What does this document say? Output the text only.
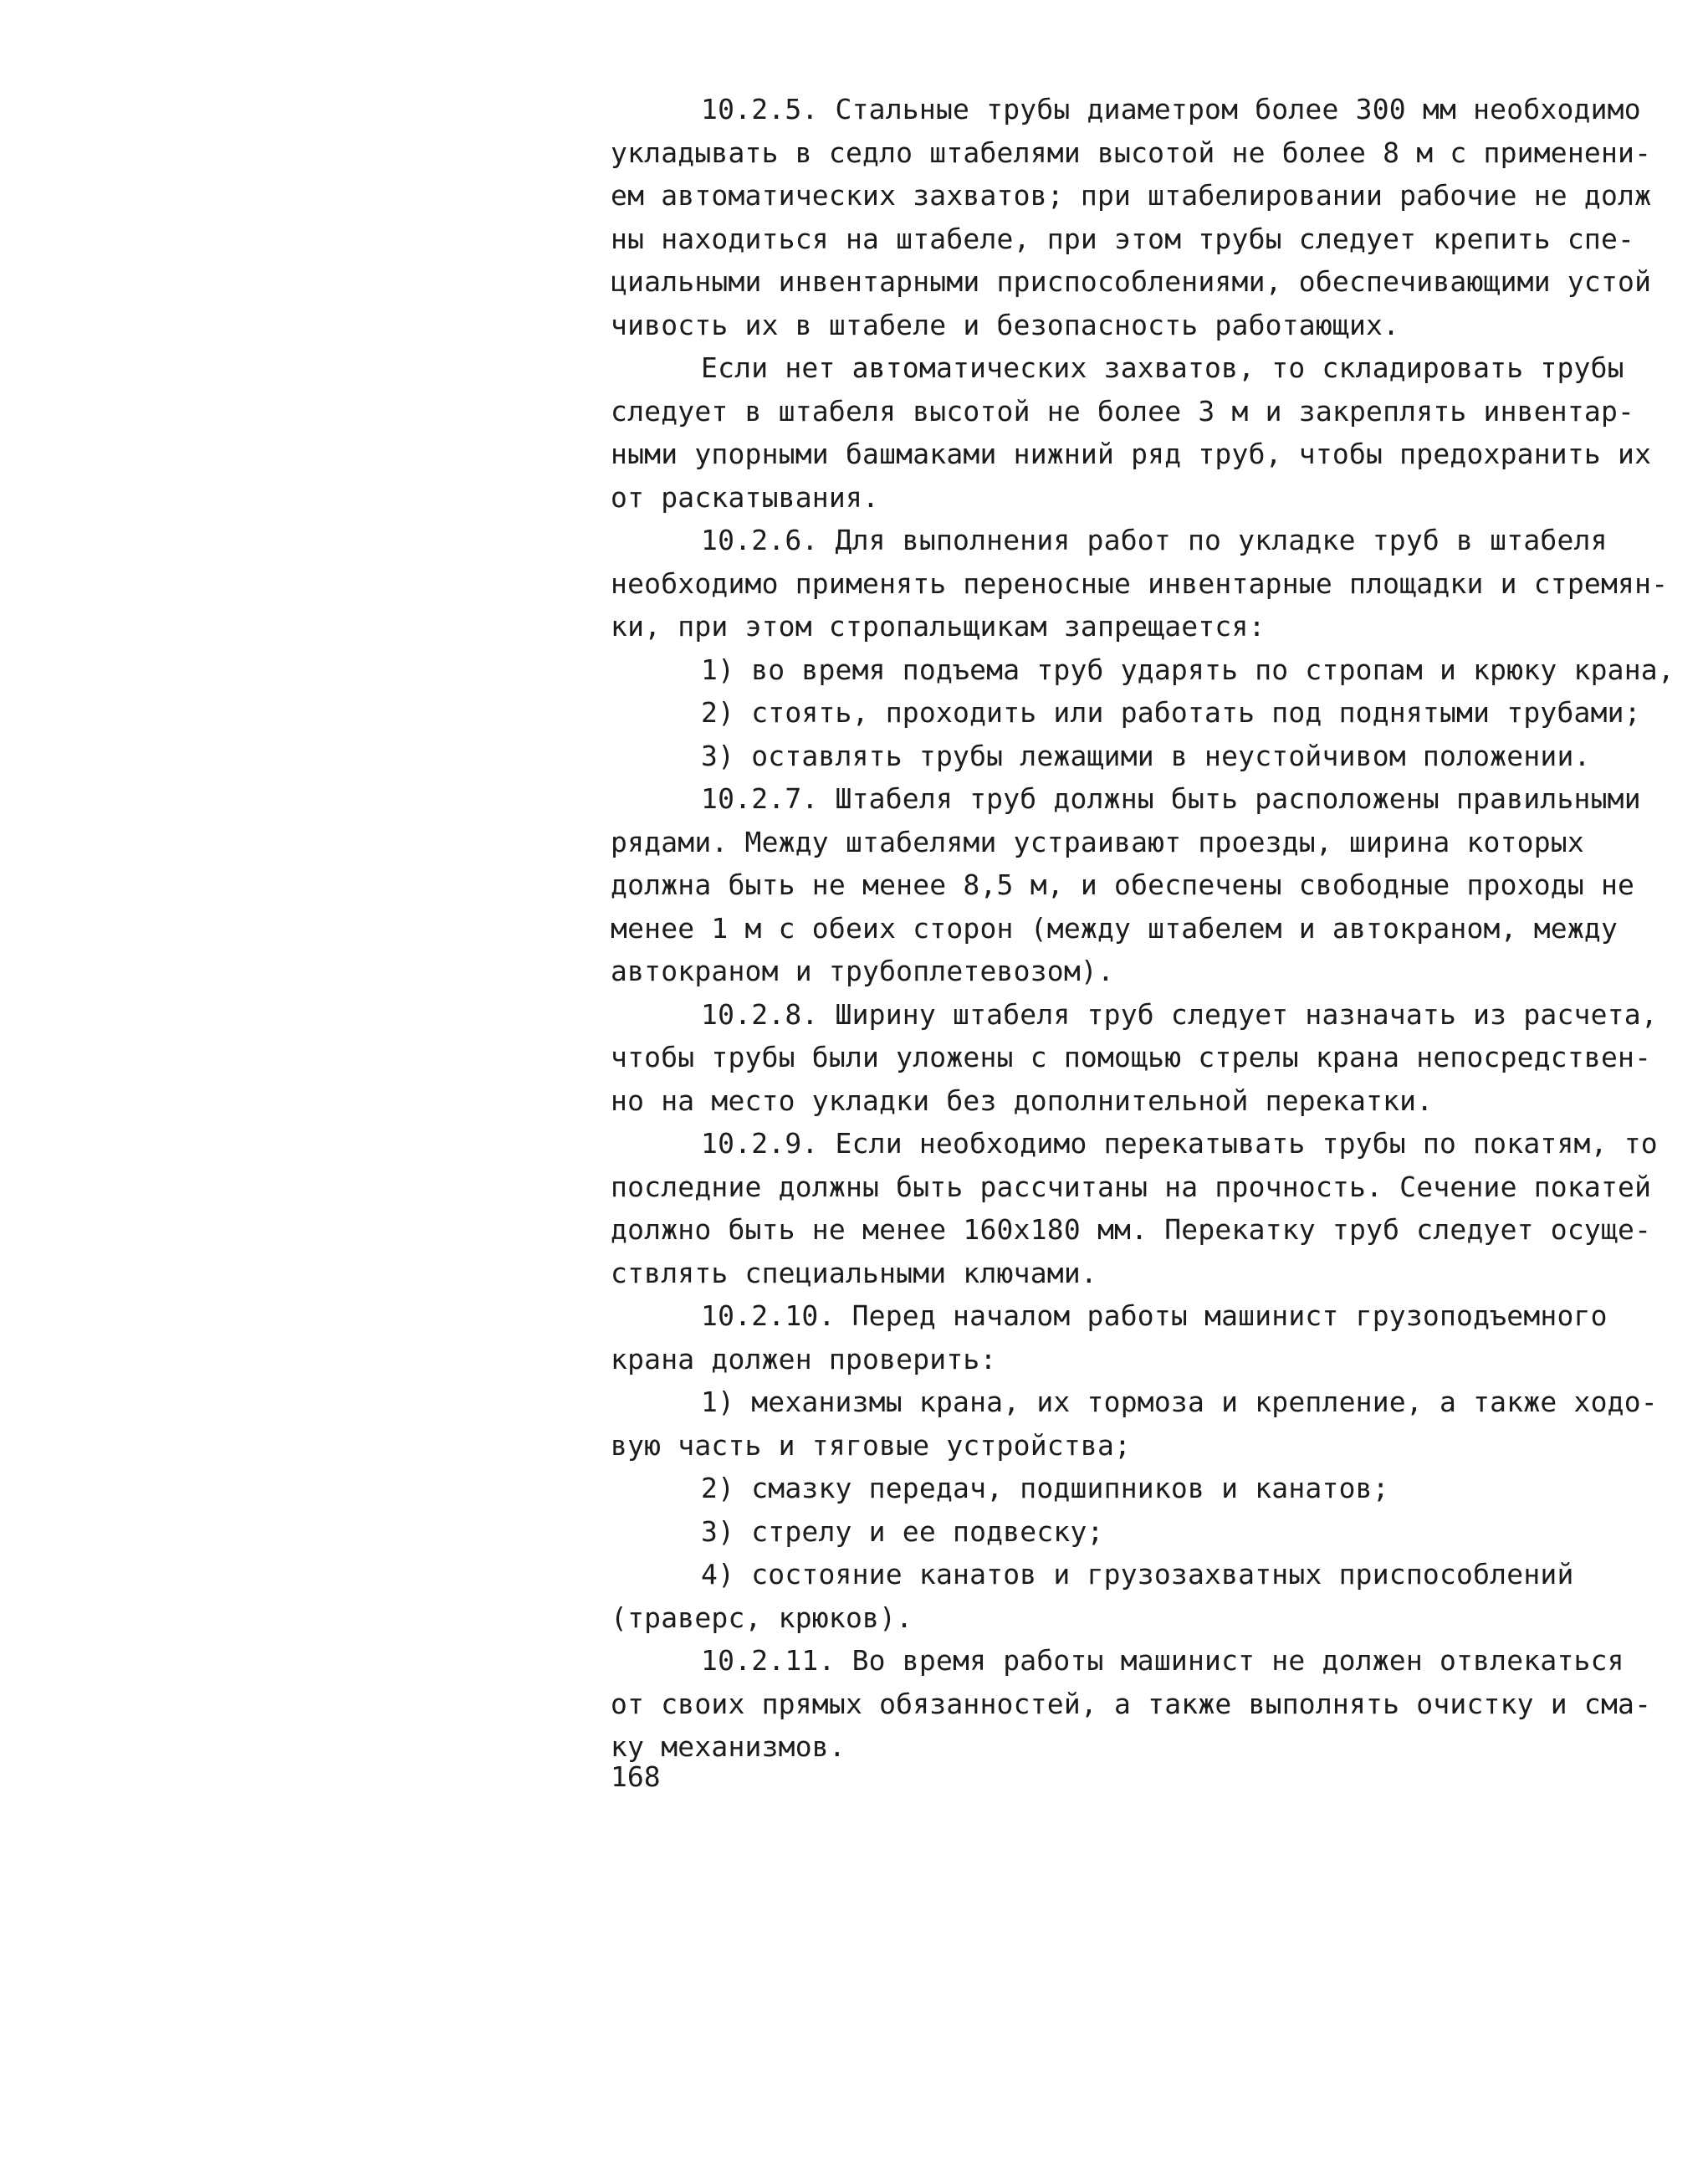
10.2.5. Стальные трубы диаметром более 300 мм необходимо
укладывать в седло штабелями высотой не более 8 м с применени-
ем автоматических захватов; при штабелировании рабочие не долж
ны находиться на штабеле, при этом трубы следует крепить спе-
циальными инвентарными приспособлениями, обеспечивающими устой
чивость их в штабеле и безопасность работающих.
Если нет автоматических захватов, то складировать трубы
следует в штабеля высотой не более 3 м и закреплять инвентар-
ными упорными башмаками нижний ряд труб, чтобы предохранить их
от раскатывания.
10.2.6. Для выполнения работ по укладке труб в штабеля
необходимо применять переносные инвентарные площадки и стремян-
ки, при этом стропальщикам запрещается:
1) во время подъема труб ударять по стропам и крюку крана,
2) стоять, проходить или работать под поднятыми трубами;
3) оставлять трубы лежащими в неустойчивом положении.
10.2.7. Штабеля труб должны быть расположены правильными
рядами. Между штабелями устраивают проезды, ширина которых
должна быть не менее 8,5 м, и обеспечены свободные проходы не
менее 1 м с обеих сторон (между штабелем и автокраном, между
автокраном и трубоплетевозом).
10.2.8. Ширину штабеля труб следует назначать из расчета,
чтобы трубы были уложены с помощью стрелы крана непосредствен-
но на место укладки без дополнительной перекатки.
10.2.9. Если необходимо перекатывать трубы по покатям, то
последние должны быть рассчитаны на прочность. Сечение покатей
должно быть не менее 160х180 мм. Перекатку труб следует осуще-
ствлять специальными ключами.
10.2.10. Перед началом работы машинист грузоподъемного
крана должен проверить:
1) механизмы крана, их тормоза и крепление, а также ходо-
вую часть и тяговые устройства;
2) смазку передач, подшипников и канатов;
3) стрелу и ее подвеску;
4) состояние канатов и грузозахватных приспособлений
(траверс, крюков).
10.2.11. Во время работы машинист не должен отвлекаться
от своих прямых обязанностей, а также выполнять очистку и сма-
ку механизмов.
168
